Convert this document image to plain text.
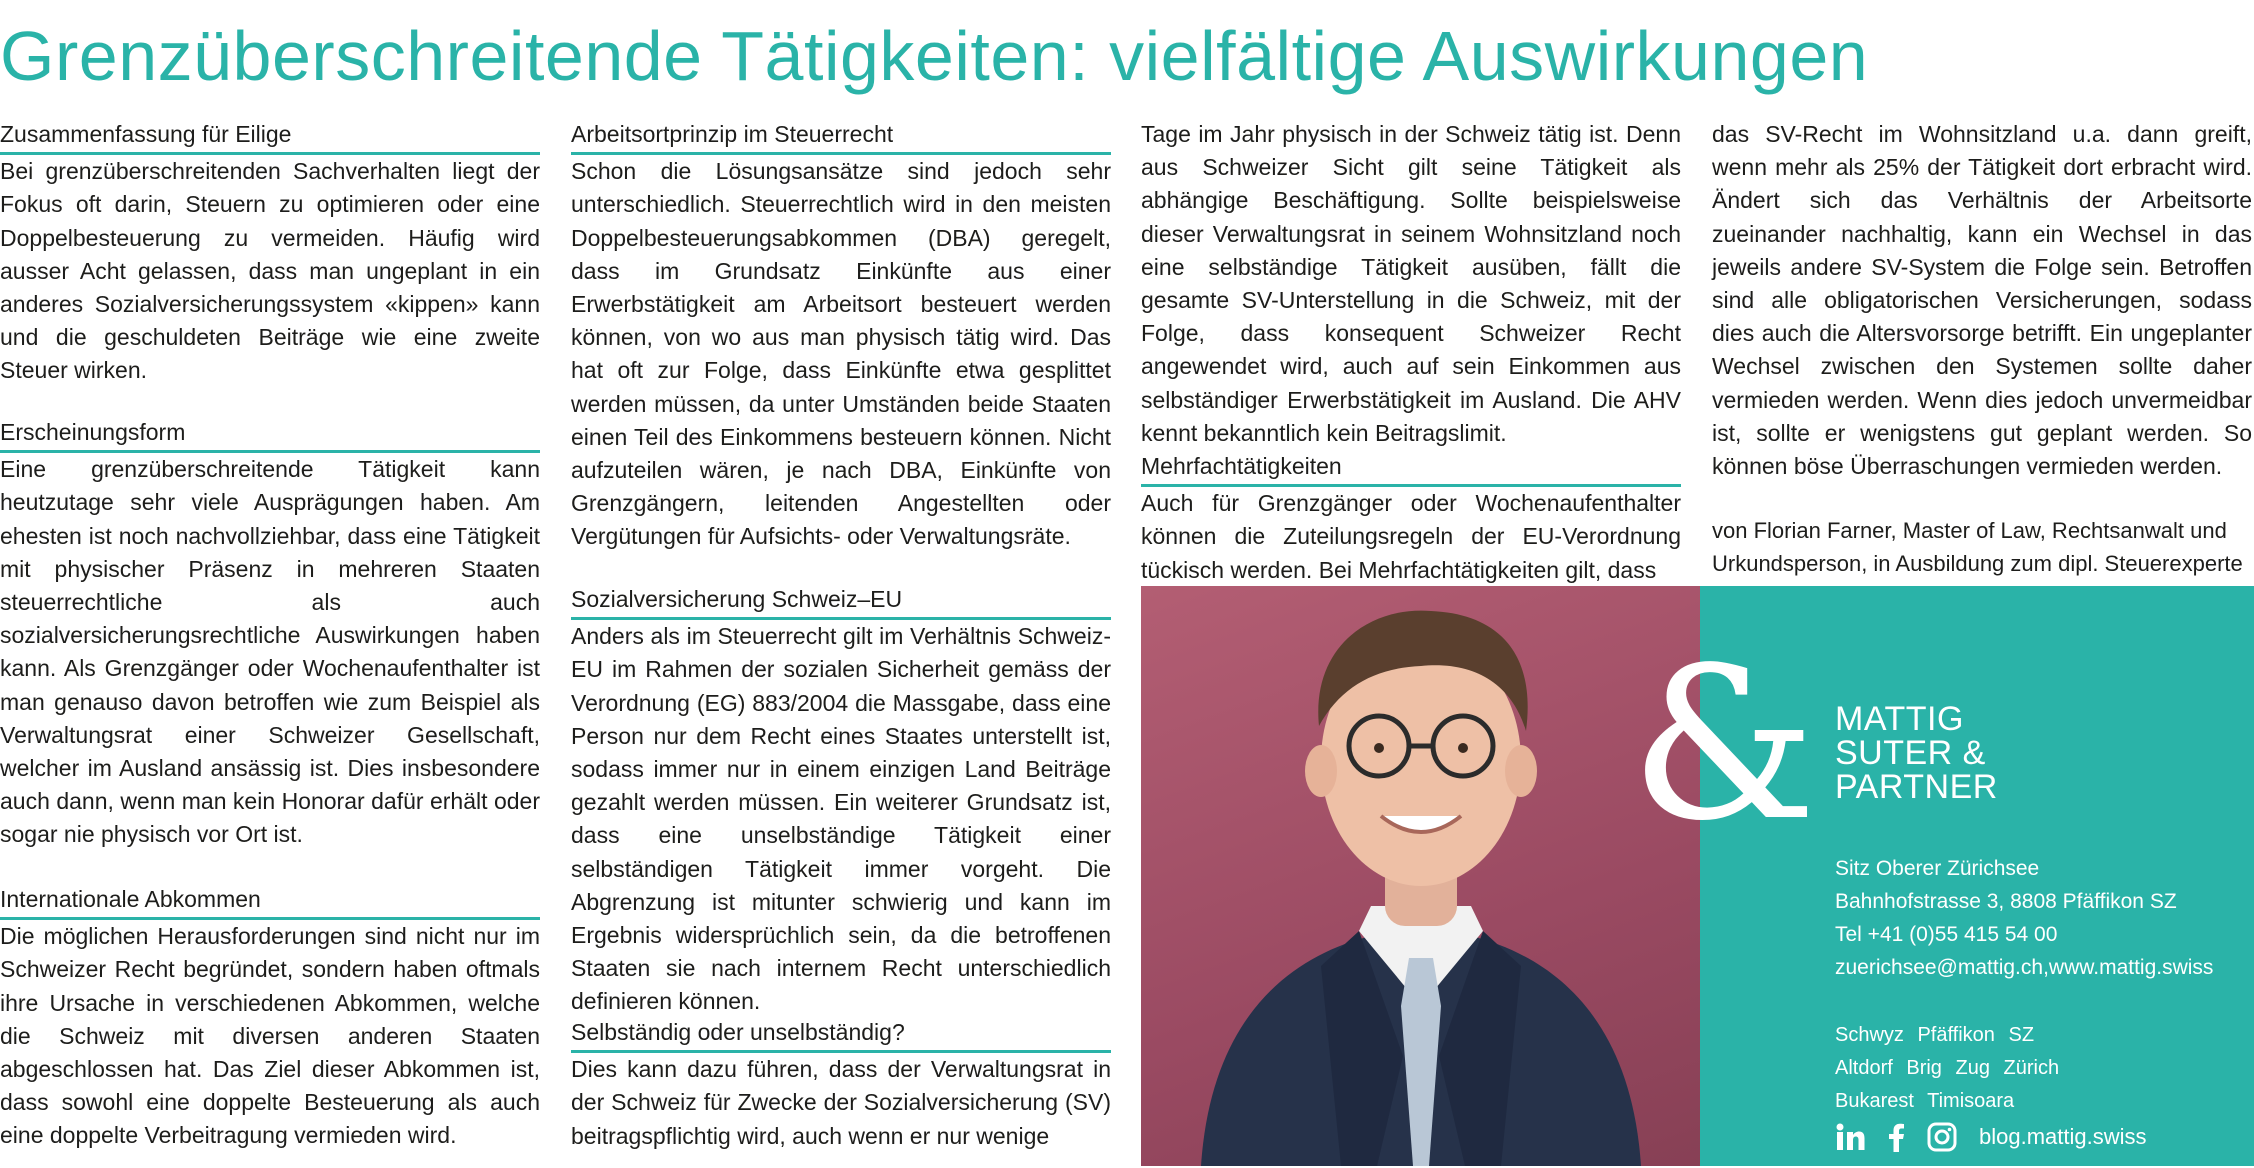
Grenzüberschreitende Tätigkeiten: vielfältige Auswirkungen
Zusammenfassung für Eilige

Bei grenzüberschreitenden Sachverhalten liegt der Fokus oft darin, Steuern zu optimieren oder eine Doppelbesteuerung zu vermeiden. Häufig wird ausser Acht gelassen, dass man ungeplant in ein anderes Sozialversicherungssystem «kippen» kann und die geschuldeten Beiträge wie eine zweite Steuer wirken.

Erscheinungsform

Eine grenzüberschreitende Tätigkeit kann heutzutage sehr viele Ausprägungen haben. Am ehesten ist noch nachvollziehbar, dass eine Tätigkeit mit physischer Präsenz in mehreren Staaten steuerrechtliche als auch sozialversicherungsrechtliche Auswirkungen haben kann. Als Grenzgänger oder Wochenaufenthalter ist man genauso davon betroffen wie zum Beispiel als Verwaltungsrat einer Schweizer Gesellschaft, welcher im Ausland ansässig ist. Dies insbesondere auch dann, wenn man kein Honorar dafür erhält oder sogar nie physisch vor Ort ist.

Internationale Abkommen

Die möglichen Herausforderungen sind nicht nur im Schweizer Recht begründet, sondern haben oftmals ihre Ursache in verschiedenen Abkommen, welche die Schweiz mit diversen anderen Staaten abgeschlossen hat. Das Ziel dieser Abkommen ist, dass sowohl eine doppelte Besteuerung als auch eine doppelte Verbeitragung vermieden wird.

Arbeitsortprinzip im Steuerrecht

Schon die Lösungsansätze sind jedoch sehr unterschiedlich. Steuerrechtlich wird in den meisten Doppelbesteuerungsabkommen (DBA) geregelt, dass im Grundsatz Einkünfte aus einer Erwerbstätigkeit am Arbeitsort besteuert werden können, von wo aus man physisch tätig wird. Das hat oft zur Folge, dass Einkünfte etwa gesplittet werden müssen, da unter Umständen beide Staaten einen Teil des Einkommens besteuern können. Nicht aufzuteilen wären, je nach DBA, Einkünfte von Grenzgängern, leitenden Angestellten oder Vergütungen für Aufsichts- oder Verwaltungsräte.

Sozialversicherung Schweiz–EU

Anders als im Steuerrecht gilt im Verhältnis Schweiz-EU im Rahmen der sozialen Sicherheit gemäss der Verordnung (EG) 883/2004 die Massgabe, dass eine Person nur dem Recht eines Staates unterstellt ist, sodass immer nur in einem einzigen Land Beiträge gezahlt werden müssen. Ein weiterer Grundsatz ist, dass eine unselbständige Tätigkeit einer selbständigen Tätigkeit immer vorgeht. Die Abgrenzung ist mitunter schwierig und kann im Ergebnis widersprüchlich sein, da die betroffenen Staaten sie nach internem Recht unterschiedlich definieren können.

Selbständig oder unselbständig?

Dies kann dazu führen, dass der Verwaltungsrat in der Schweiz für Zwecke der Sozialversicherung (SV) beitragspflichtig wird, auch wenn er nur wenige

Tage im Jahr physisch in der Schweiz tätig ist. Denn aus Schweizer Sicht gilt seine Tätigkeit als abhängige Beschäftigung. Sollte beispielsweise dieser Verwaltungsrat in seinem Wohnsitzland noch eine selbständige Tätigkeit ausüben, fällt die gesamte SV-Unterstellung in die Schweiz, mit der Folge, dass konsequent Schweizer Recht angewendet wird, auch auf sein Einkommen aus selbständiger Erwerbstätigkeit im Ausland. Die AHV kennt bekanntlich kein Beitragslimit.

Mehrfachtätigkeiten

Auch für Grenzgänger oder Wochenaufenthalter können die Zuteilungsregeln der EU-Verordnung tückisch werden. Bei Mehrfachtätigkeiten gilt, dass

das SV-Recht im Wohnsitzland u.a. dann greift, wenn mehr als 25% der Tätigkeit dort erbracht wird. Ändert sich das Verhältnis der Arbeitsorte zueinander nachhaltig, kann ein Wechsel in das jeweils andere SV-System die Folge sein. Betroffen sind alle obligatorischen Versicherungen, sodass dies auch die Altersvorsorge betrifft. Ein ungeplanter Wechsel zwischen den Systemen sollte daher vermieden werden. Wenn dies jedoch unvermeidbar ist, sollte er wenigstens gut geplant werden. So können böse Überraschungen vermieden werden.

von Florian Farner, Master of Law, Rechtsanwalt und
Urkundsperson, in Ausbildung zum dipl. Steuerexperte
& MATTIG
SUTER &
PARTNER
Sitz Oberer Zürichsee
Bahnhofstrasse 3, 8808 Pfäffikon SZ
Tel +41 (0)55 415 54 00
zuerichsee@mattig.ch,www.mattig.swiss
Schwyz Pfäffikon SZ
Altdorf Brig Zug Zürich
Bukarest Timisoara
blog.mattig.swiss
